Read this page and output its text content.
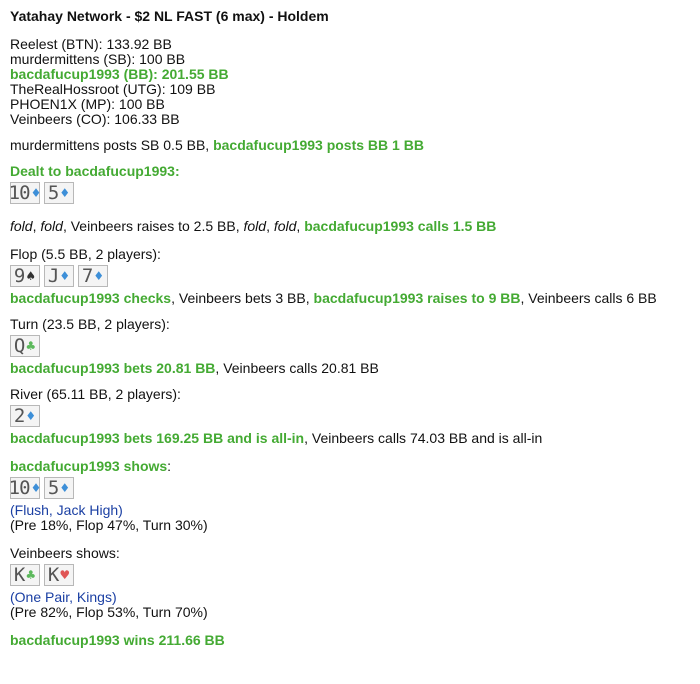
Yatahay Network - $2 NL FAST (6 max) - Holdem
Reelest (BTN): 133.92 BB
murdermittens (SB): 100 BB
bacdafucup1993 (BB): 201.55 BB
TheRealHossroot (UTG): 109 BB
PHOEN1X (MP): 100 BB
Veinbeers (CO): 106.33 BB
murdermittens posts SB 0.5 BB, bacdafucup1993 posts BB 1 BB
Dealt to bacdafucup1993:
10 ♦ 5 ♦
fold, fold, Veinbeers raises to 2.5 BB, fold, fold, bacdafucup1993 calls 1.5 BB
Flop (5.5 BB, 2 players):
9 ♠ J ♦ 7 ♦
bacdafucup1993 checks, Veinbeers bets 3 BB, bacdafucup1993 raises to 9 BB, Veinbeers calls 6 BB
Turn (23.5 BB, 2 players):
Q ♣
bacdafucup1993 bets 20.81 BB, Veinbeers calls 20.81 BB
River (65.11 BB, 2 players):
2 ♦
bacdafucup1993 bets 169.25 BB and is all-in, Veinbeers calls 74.03 BB and is all-in
bacdafucup1993 shows:
10 ♦ 5 ♦
(Flush, Jack High)
(Pre 18%, Flop 47%, Turn 30%)
Veinbeers shows:
K ♣ K ♥
(One Pair, Kings)
(Pre 82%, Flop 53%, Turn 70%)
bacdafucup1993 wins 211.66 BB
